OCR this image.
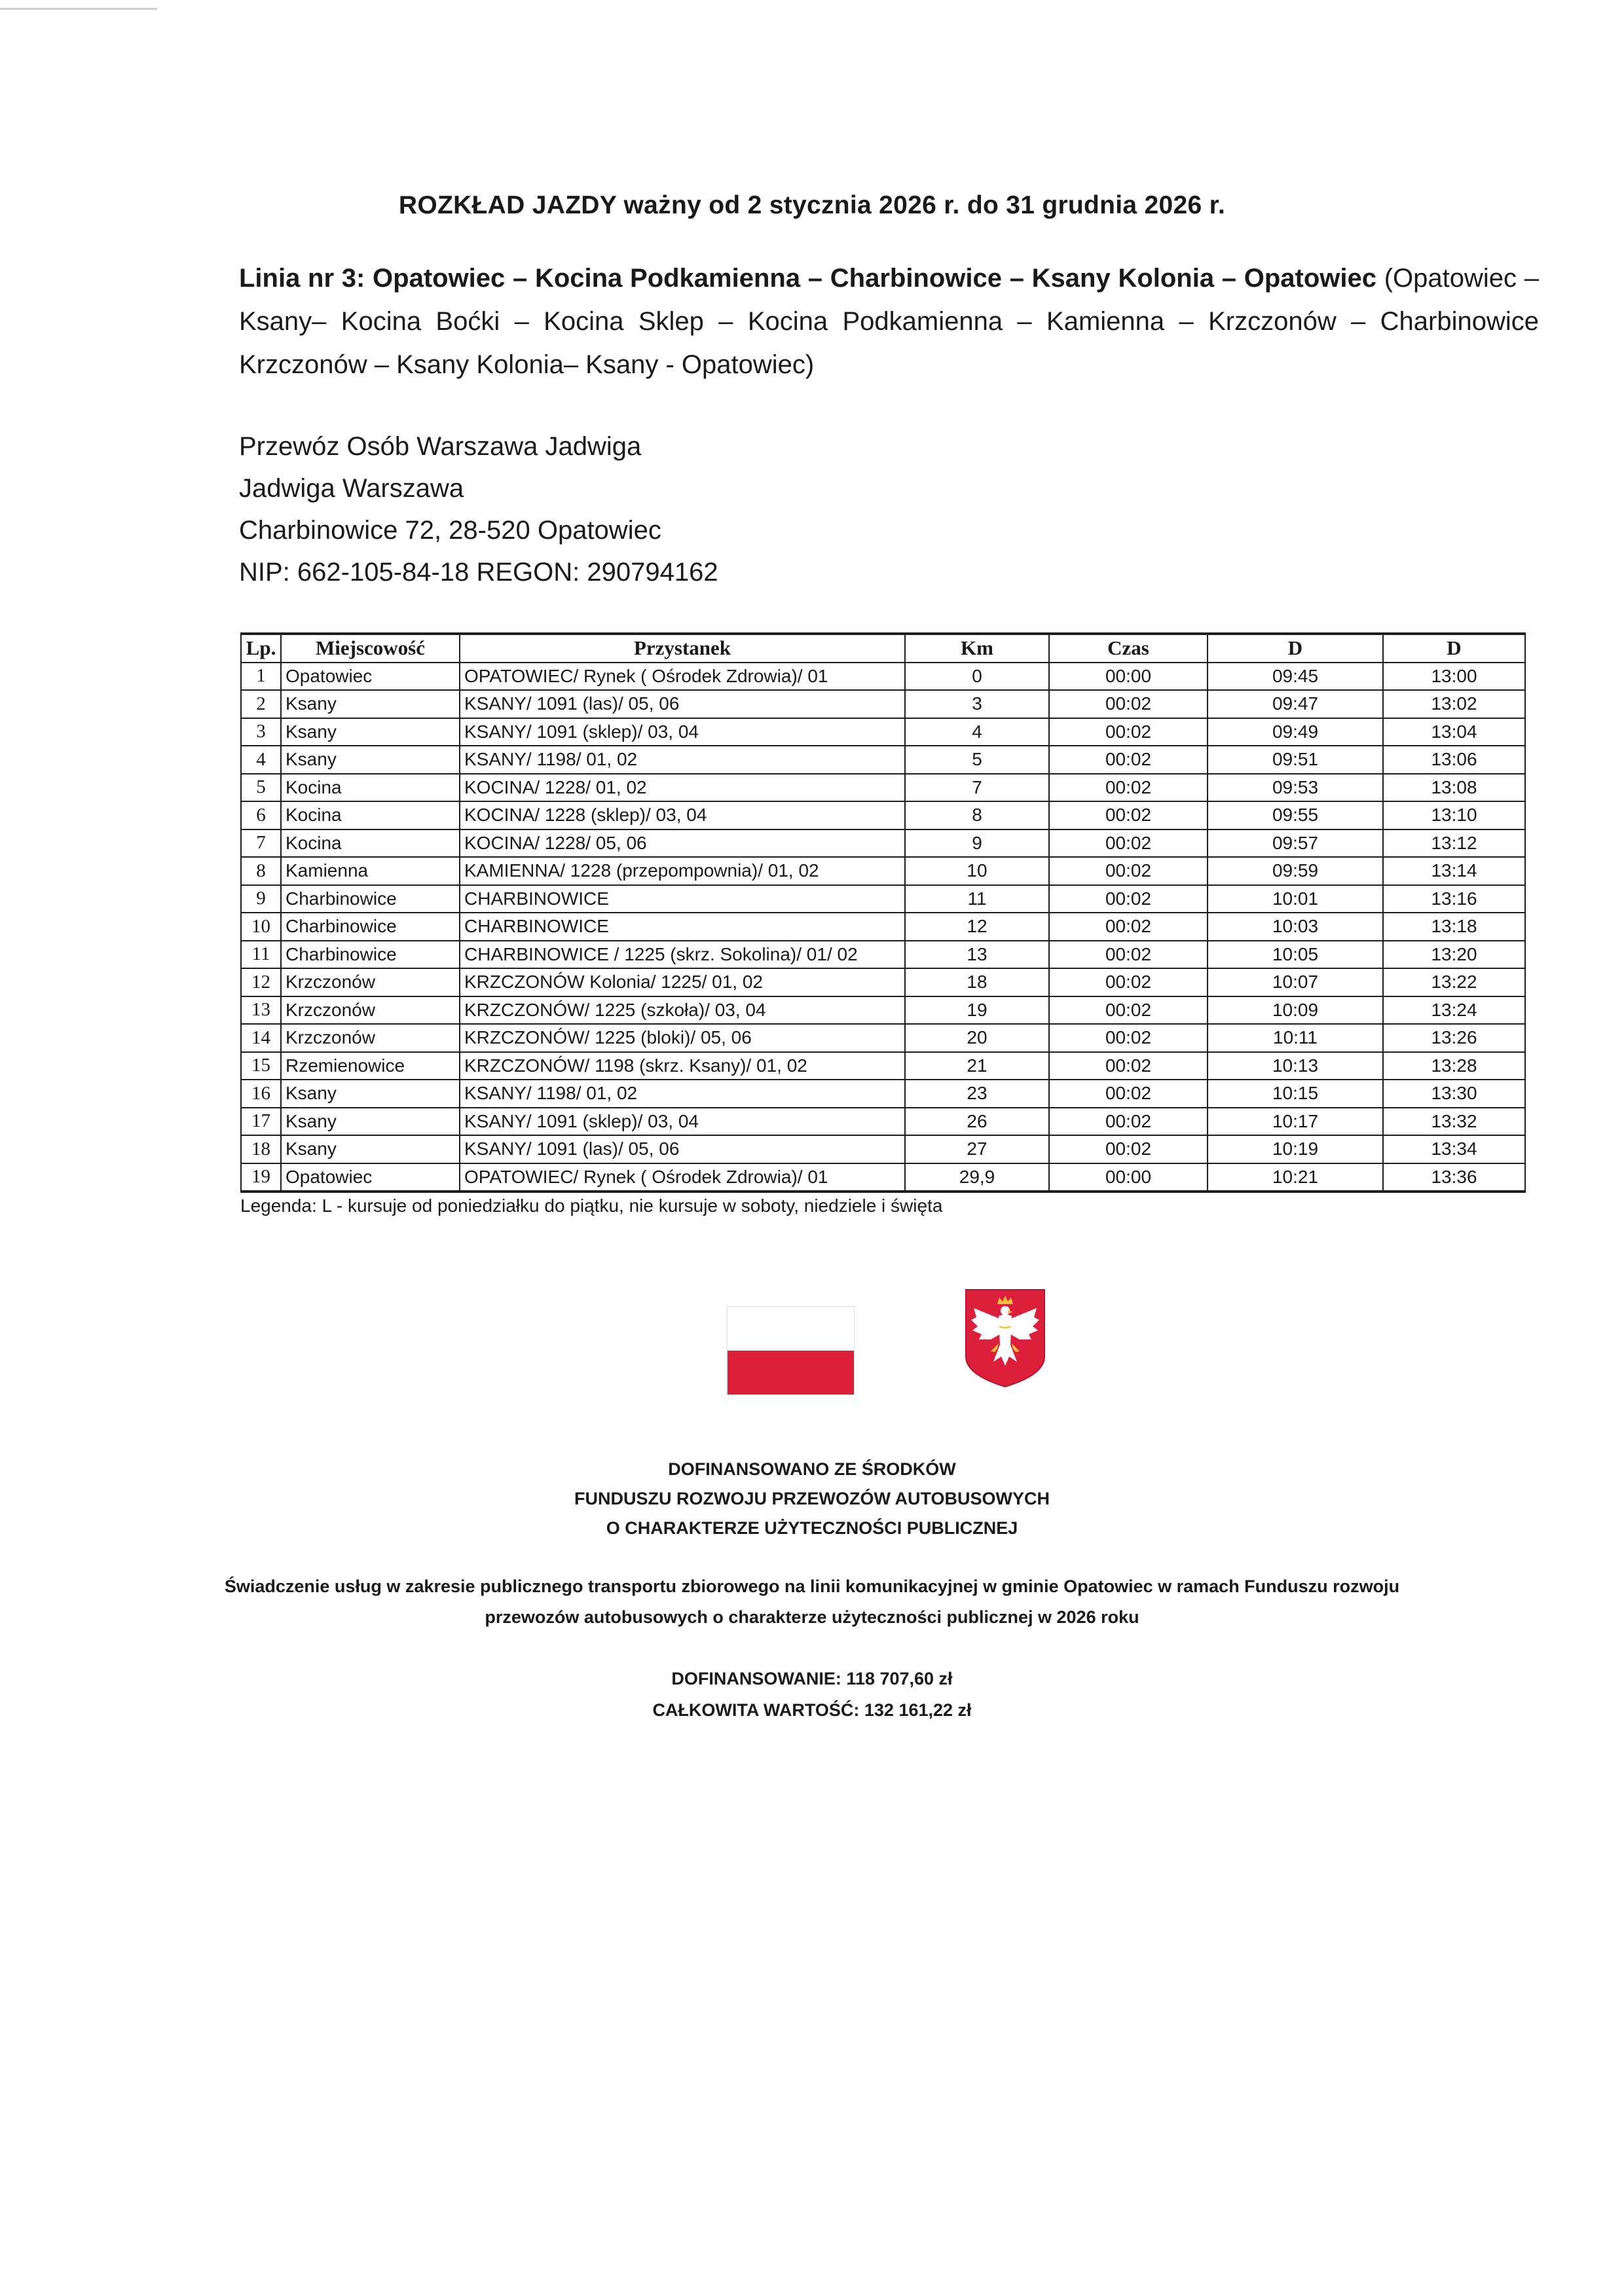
ROZKŁAD JAZDY ważny od 2 stycznia 2026 r. do 31 grudnia 2026 r.
Linia nr 3: Opatowiec – Kocina Podkamienna – Charbinowice – Ksany Kolonia – Opatowiec (Opatowiec – Ksany– Kocina Boćki – Kocina Sklep – Kocina Podkamienna – Kamienna – Krzczonów – Charbinowice Krzczonów – Ksany Kolonia– Ksany - Opatowiec)
Przewóz Osób Warszawa Jadwiga
Jadwiga Warszawa
Charbinowice 72, 28-520 Opatowiec
NIP: 662-105-84-18 REGON: 290794162
Lp.	Miejscowość	Przystanek	Km	Czas	D	D
1	Opatowiec	OPATOWIEC/ Rynek ( Ośrodek Zdrowia)/ 01	0	00:00	09:45	13:00
2	Ksany	KSANY/ 1091 (las)/ 05, 06	3	00:02	09:47	13:02
3	Ksany	KSANY/ 1091 (sklep)/ 03, 04	4	00:02	09:49	13:04
4	Ksany	KSANY/ 1198/ 01, 02	5	00:02	09:51	13:06
5	Kocina	KOCINA/ 1228/ 01, 02	7	00:02	09:53	13:08
6	Kocina	KOCINA/ 1228 (sklep)/ 03, 04	8	00:02	09:55	13:10
7	Kocina	KOCINA/ 1228/ 05, 06	9	00:02	09:57	13:12
8	Kamienna	KAMIENNA/ 1228 (przepompownia)/ 01, 02	10	00:02	09:59	13:14
9	Charbinowice	CHARBINOWICE	11	00:02	10:01	13:16
10	Charbinowice	CHARBINOWICE	12	00:02	10:03	13:18
11	Charbinowice	CHARBINOWICE / 1225 (skrz. Sokolina)/ 01/ 02	13	00:02	10:05	13:20
12	Krzczonów	KRZCZONÓW Kolonia/ 1225/ 01, 02	18	00:02	10:07	13:22
13	Krzczonów	KRZCZONÓW/ 1225 (szkoła)/ 03, 04	19	00:02	10:09	13:24
14	Krzczonów	KRZCZONÓW/ 1225 (bloki)/ 05, 06	20	00:02	10:11	13:26
15	Rzemienowice	KRZCZONÓW/ 1198 (skrz. Ksany)/ 01, 02	21	00:02	10:13	13:28
16	Ksany	KSANY/ 1198/ 01, 02	23	00:02	10:15	13:30
17	Ksany	KSANY/ 1091 (sklep)/ 03, 04	26	00:02	10:17	13:32
18	Ksany	KSANY/ 1091 (las)/ 05, 06	27	00:02	10:19	13:34
19	Opatowiec	OPATOWIEC/ Rynek ( Ośrodek Zdrowia)/ 01	29,9	00:00	10:21	13:36
Legenda: L - kursuje od poniedziałku do piątku, nie kursuje w soboty, niedziele i święta
DOFINANSOWANO ZE ŚRODKÓW
FUNDUSZU ROZWOJU PRZEWOZÓW AUTOBUSOWYCH
O CHARAKTERZE UŻYTECZNOŚCI PUBLICZNEJ
Świadczenie usług w zakresie publicznego transportu zbiorowego na linii komunikacyjnej w gminie Opatowiec w ramach Funduszu rozwoju przewozów autobusowych o charakterze użyteczności publicznej w 2026 roku
DOFINANSOWANIE: 118 707,60 zł
CAŁKOWITA WARTOŚĆ: 132 161,22 zł
